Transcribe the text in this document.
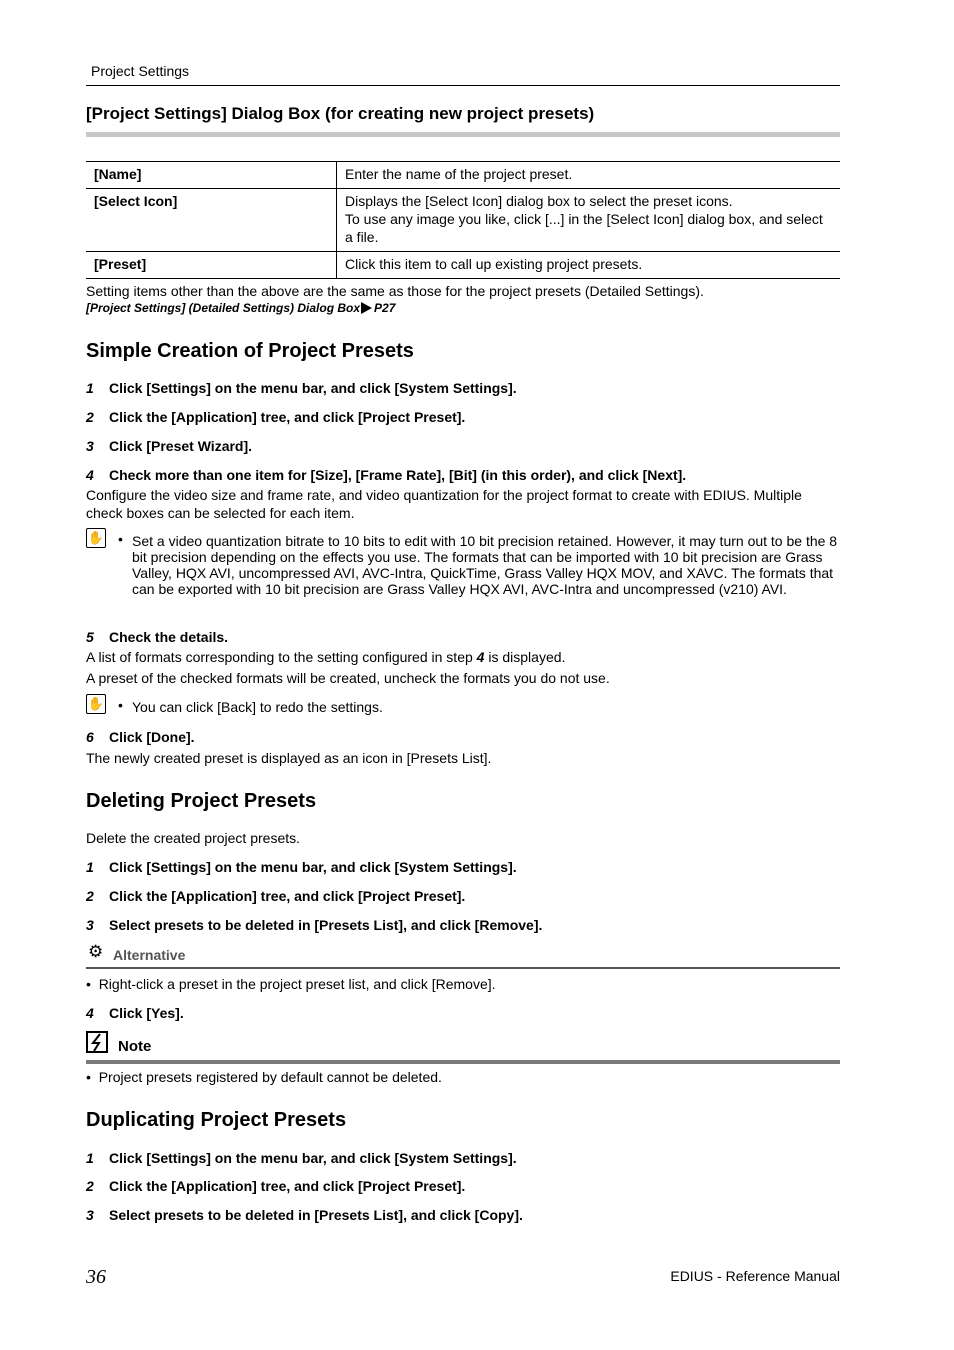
Project Settings
[Project Settings] Dialog Box (for creating new project presets)
[Name]	Enter the name of the project preset.
[Select Icon]	Displays the [Select Icon] dialog box to select the preset icons.
To use any image you like, click [...] in the [Select Icon] dialog box, and select a file.

[Preset]	Click this item to call up existing project presets.
Setting items other than the above are the same as those for the project presets (Detailed Settings).
[Project Settings] (Detailed Settings) Dialog Box P27
Simple Creation of Project Presets
1 Click [Settings] on the menu bar, and click [System Settings].
2 Click the [Application] tree, and click [Project Preset].
3 Click [Preset Wizard].
4 Check more than one item for [Size], [Frame Rate], [Bit] (in this order), and click [Next].
Configure the video size and frame rate, and video quantization for the project format to create with EDIUS. Multiple check boxes can be selected for each item.
✋ • Set a video quantization bitrate to 10 bits to edit with 10 bit precision retained. However, it may turn out to be the 8 bit precision depending on the effects you use. The formats that can be imported with 10 bit precision are Grass Valley, HQX AVI, uncompressed AVI, AVC-Intra, QuickTime, Grass Valley HQX MOV, and XAVC. The formats that can be exported with 10 bit precision are Grass Valley HQX AVI, AVC-Intra and uncompressed (v210) AVI.
5 Check the details.
A list of formats corresponding to the setting configured in step 4 is displayed.
A preset of the checked formats will be created, uncheck the formats you do not use.
✋ • You can click [Back] to redo the settings.
6 Click [Done].
The newly created preset is displayed as an icon in [Presets List].
Deleting Project Presets
Delete the created project presets.
1 Click [Settings] on the menu bar, and click [System Settings].
2 Click the [Application] tree, and click [Project Preset].
3 Select presets to be deleted in [Presets List], and click [Remove].
⚙ Alternative
•  Right-click a preset in the project preset list, and click [Remove].
4 Click [Yes].
Note
•  Project presets registered by default cannot be deleted.
Duplicating Project Presets
1 Click [Settings] on the menu bar, and click [System Settings].
2 Click the [Application] tree, and click [Project Preset].
3 Select presets to be deleted in [Presets List], and click [Copy].
36	EDIUS - Reference Manual
